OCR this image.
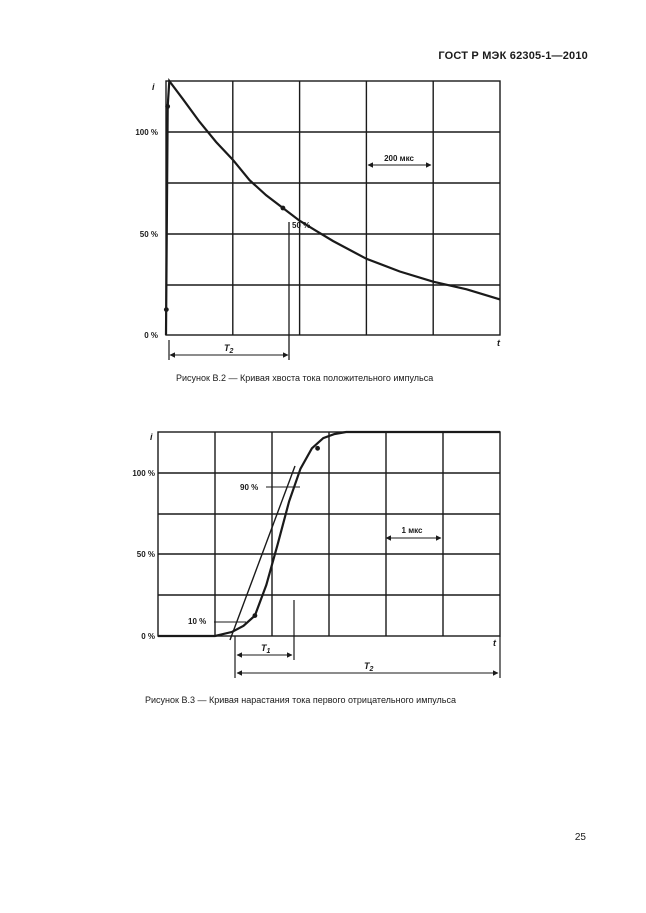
ГОСТ Р МЭК 62305-1—2010
i
t
100 %
50 %
0 %
50 %
200 мкс
$T_2$
i
t
100 %
50 %
0 %
10 %
90 %
1 мкс
$T_1$
$T_2$
Рисунок В.2 — Кривая хвоста тока положительного импульса
Рисунок В.3 — Кривая нарастания тока первого отрицательного импульса
25
